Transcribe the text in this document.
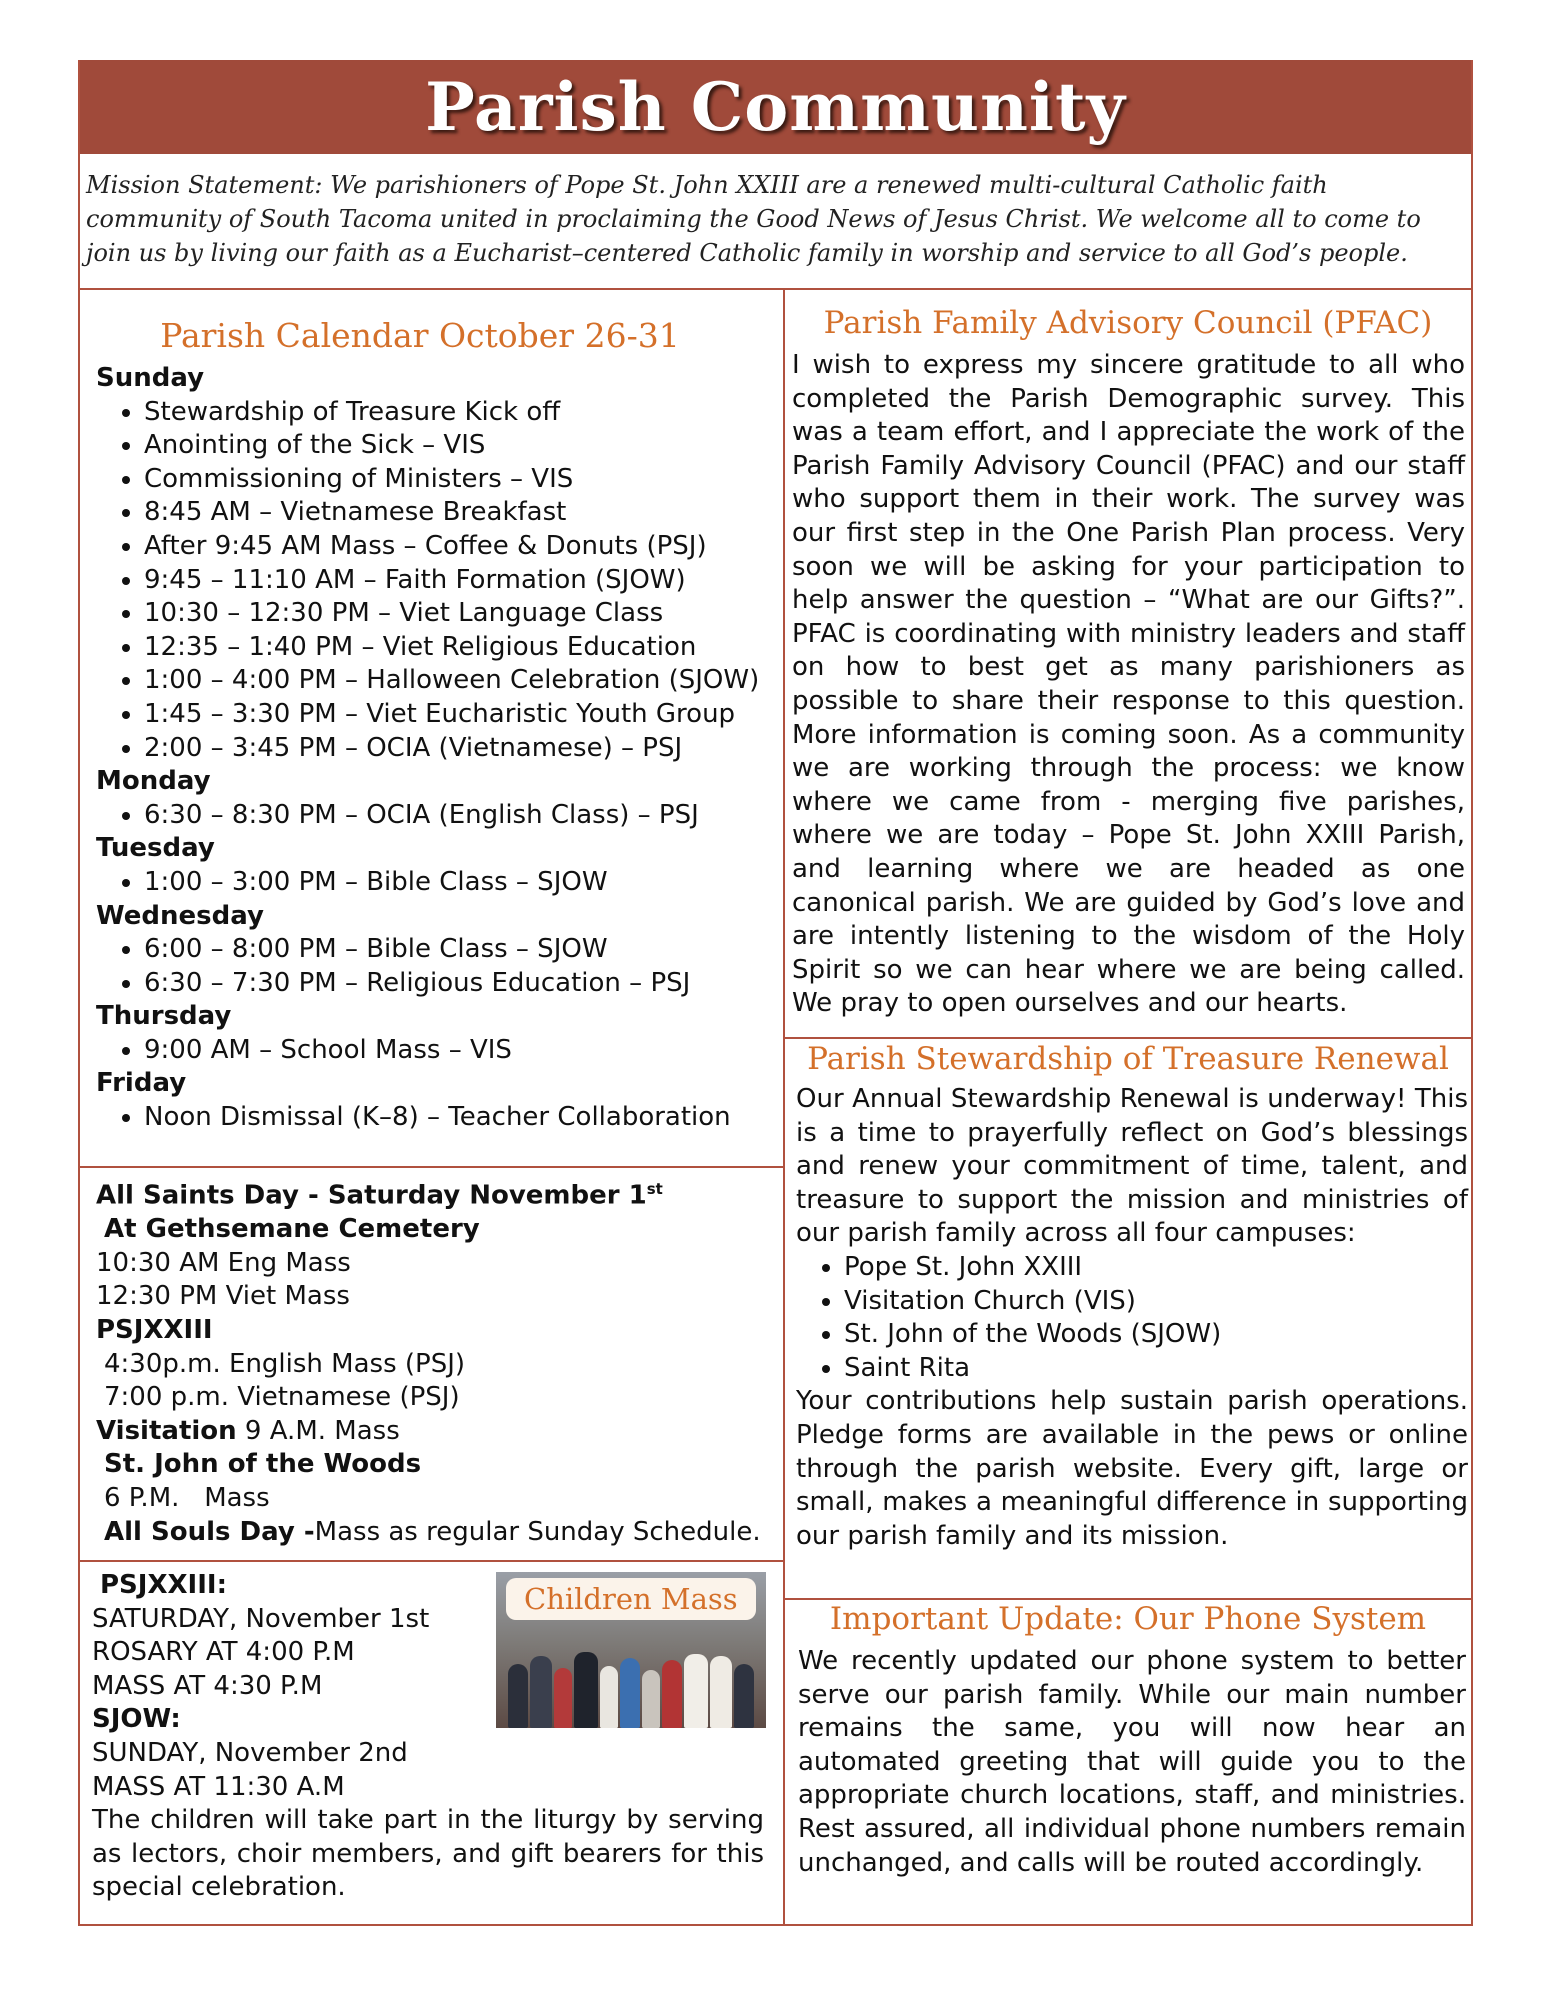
Parish Community
Mission Statement: We parishioners of Pope St. John XXIII are a renewed multi-cultural Catholic faith community of South Tacoma united in proclaiming the Good News of Jesus Christ. We welcome all to come to join us by living our faith as a Eucharist–centered Catholic family in worship and service to all God’s people.
Parish Calendar October 26-31
Sunday
• Stewardship of Treasure Kick off
• Anointing of the Sick – VIS
• Commissioning of Ministers – VIS
• 8:45 AM – Vietnamese Breakfast
• After 9:45 AM Mass – Coffee & Donuts (PSJ)
• 9:45 – 11:10 AM – Faith Formation (SJOW)
• 10:30 – 12:30 PM – Viet Language Class
• 12:35 – 1:40 PM – Viet Religious Education
• 1:00 – 4:00 PM – Halloween Celebration (SJOW)
• 1:45 – 3:30 PM – Viet Eucharistic Youth Group
• 2:00 – 3:45 PM – OCIA (Vietnamese) – PSJ
Monday
• 6:30 – 8:30 PM – OCIA (English Class) – PSJ
Tuesday
• 1:00 – 3:00 PM – Bible Class – SJOW
Wednesday
• 6:00 – 8:00 PM – Bible Class – SJOW
• 6:30 – 7:30 PM – Religious Education – PSJ
Thursday
• 9:00 AM – School Mass – VIS
Friday
• Noon Dismissal (K–8) – Teacher Collaboration
All Saints Day - Saturday November 1st
At Gethsemane Cemetery
10:30 AM Eng Mass
12:30 PM Viet Mass
PSJXXIII
4:30p.m. English Mass (PSJ)
7:00 p.m. Vietnamese (PSJ)
Visitation 9 A.M. Mass
St. John of the Woods
6 P.M.   Mass
All Souls Day -Mass as regular Sunday Schedule.
Children Mass
PSJXXIII:
SATURDAY, November 1st
ROSARY AT 4:00 P.M
MASS AT 4:30 P.M
SJOW:
SUNDAY, November 2nd
MASS AT 11:30 A.M
The children will take part in the liturgy by serving as lectors, choir members, and gift bearers for this special celebration.
Parish Family Advisory Council (PFAC)
I wish to express my sincere gratitude to all who completed the Parish Demographic survey. This was a team effort, and I appreciate the work of the Parish Family Advisory Council (PFAC) and our staff who support them in their work. The survey was our first step in the One Parish Plan process. Very soon we will be asking for your participation to help answer the question – “What are our Gifts?”. PFAC is coordinating with ministry leaders and staff on how to best get as many parishioners as possible to share their response to this question. More information is coming soon. As a community we are working through the process: we know where we came from - merging five parishes, where we are today – Pope St. John XXIII Parish, and learning where we are headed as one canonical parish. We are guided by God’s love and are intently listening to the wisdom of the Holy Spirit so we can hear where we are being called. We pray to open ourselves and our hearts.
Parish Stewardship of Treasure Renewal
Our Annual Stewardship Renewal is underway! This is a time to prayerfully reflect on God’s blessings and renew your commitment of time, talent, and treasure to support the mission and ministries of our parish family across all four campuses:
• Pope St. John XXIII
• Visitation Church (VIS)
• St. John of the Woods (SJOW)
• Saint Rita
Your contributions help sustain parish operations. Pledge forms are available in the pews or online through the parish website. Every gift, large or small, makes a meaningful difference in supporting our parish family and its mission.
Important Update: Our Phone System
We recently updated our phone system to better serve our parish family. While our main number remains the same, you will now hear an automated greeting that will guide you to the appropriate church locations, staff, and ministries. Rest assured, all individual phone numbers remain unchanged, and calls will be routed accordingly.
